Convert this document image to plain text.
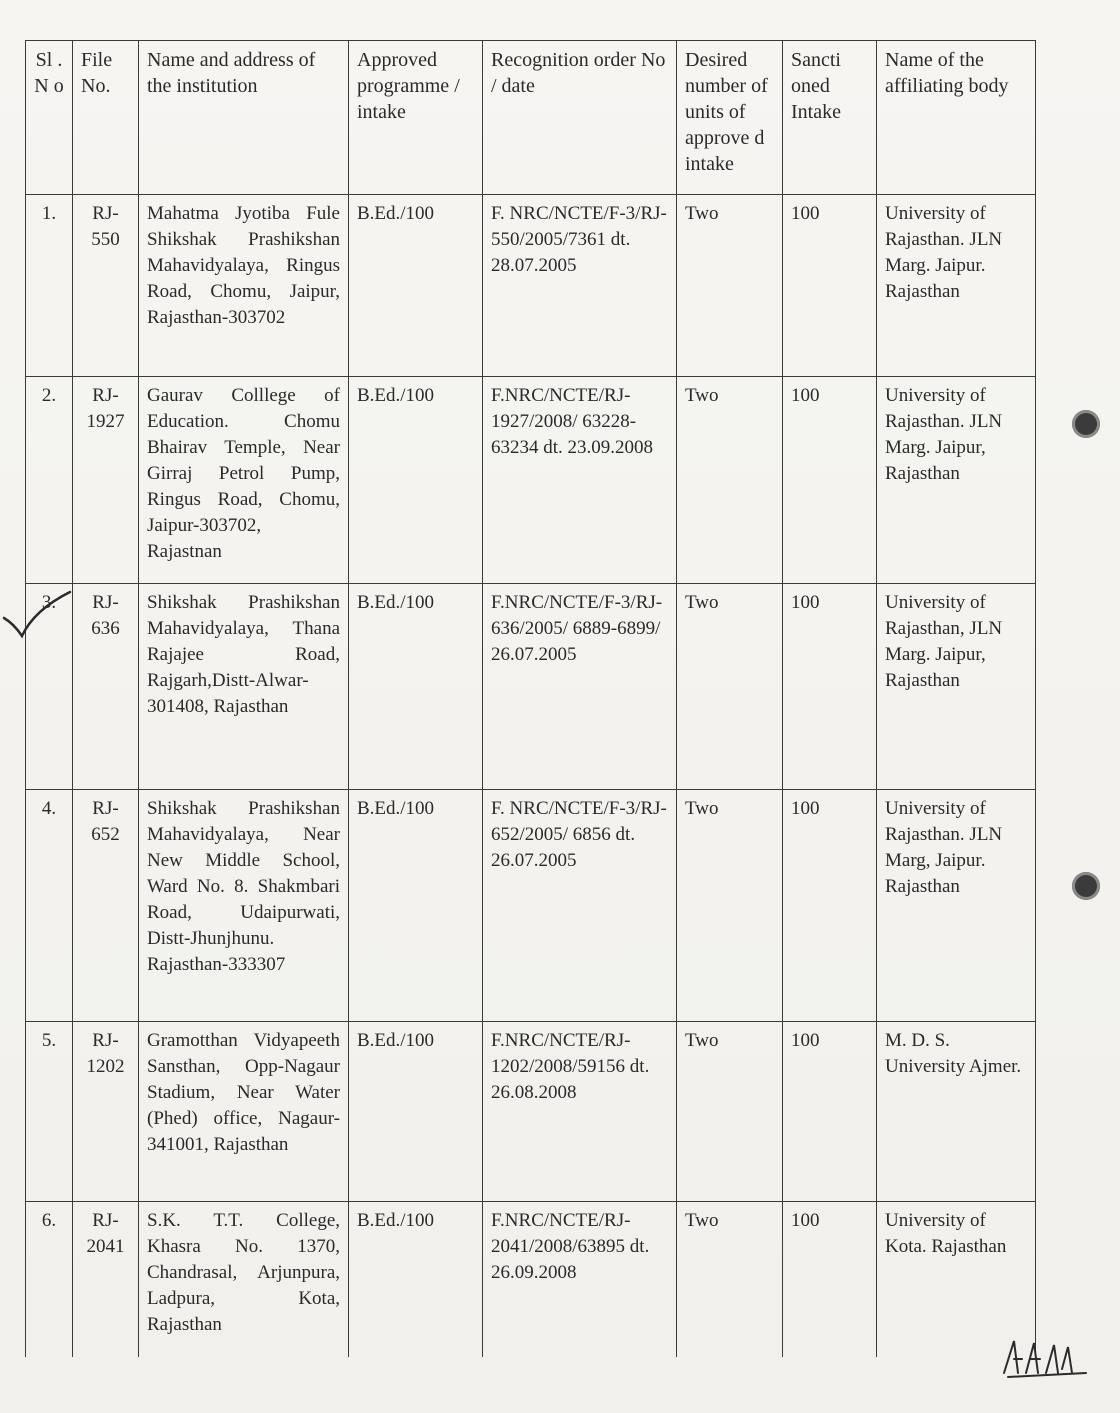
Sl . N o	File No.	Name and address of the institution	Approved programme / intake	Recognition order No / date	Desired number of units of approve d intake	Sancti oned Intake	Name of the affiliating body
1.	RJ-550	Mahatma Jyotiba Fule Shikshak Prashikshan Mahavidyalaya, Ringus Road, Chomu, Jaipur, Rajasthan-303702	B.Ed./100	F. NRC/NCTE/F-3/RJ-550/2005/7361 dt. 28.07.2005	Two	100	University of Rajasthan. JLN Marg. Jaipur. Rajasthan
2.	RJ-1927	Gaurav Colllege of Education. Chomu Bhairav Temple, Near Girraj Petrol Pump, Ringus Road, Chomu, Jaipur-303702, Rajastnan	B.Ed./100	F.NRC/NCTE/RJ-1927/2008/ 63228-63234 dt. 23.09.2008	Two	100	University of Rajasthan. JLN Marg. Jaipur, Rajasthan
3.	RJ-636	Shikshak Prashikshan Mahavidyalaya, Thana Rajajee Road, Rajgarh,Distt-Alwar-301408, Rajasthan	B.Ed./100	F.NRC/NCTE/F-3/RJ-636/2005/ 6889-6899/ 26.07.2005	Two	100	University of Rajasthan, JLN Marg. Jaipur, Rajasthan
4.	RJ-652	Shikshak Prashikshan Mahavidyalaya, Near New Middle School, Ward No. 8. Shakmbari Road, Udaipurwati, Distt-Jhunjhunu. Rajasthan-333307	B.Ed./100	F. NRC/NCTE/F-3/RJ-652/2005/ 6856 dt. 26.07.2005	Two	100	University of Rajasthan. JLN Marg, Jaipur. Rajasthan
5.	RJ-1202	Gramotthan Vidyapeeth Sansthan, Opp-Nagaur Stadium, Near Water (Phed) office, Nagaur-341001, Rajasthan	B.Ed./100	F.NRC/NCTE/RJ-1202/2008/59156 dt. 26.08.2008	Two	100	M. D. S. University Ajmer.
6.	RJ-2041	S.K. T.T. College, Khasra No. 1370, Chandrasal, Arjunpura, Ladpura, Kota, Rajasthan	B.Ed./100	F.NRC/NCTE/RJ-2041/2008/63895 dt. 26.09.2008	Two	100	University of Kota. Rajasthan
